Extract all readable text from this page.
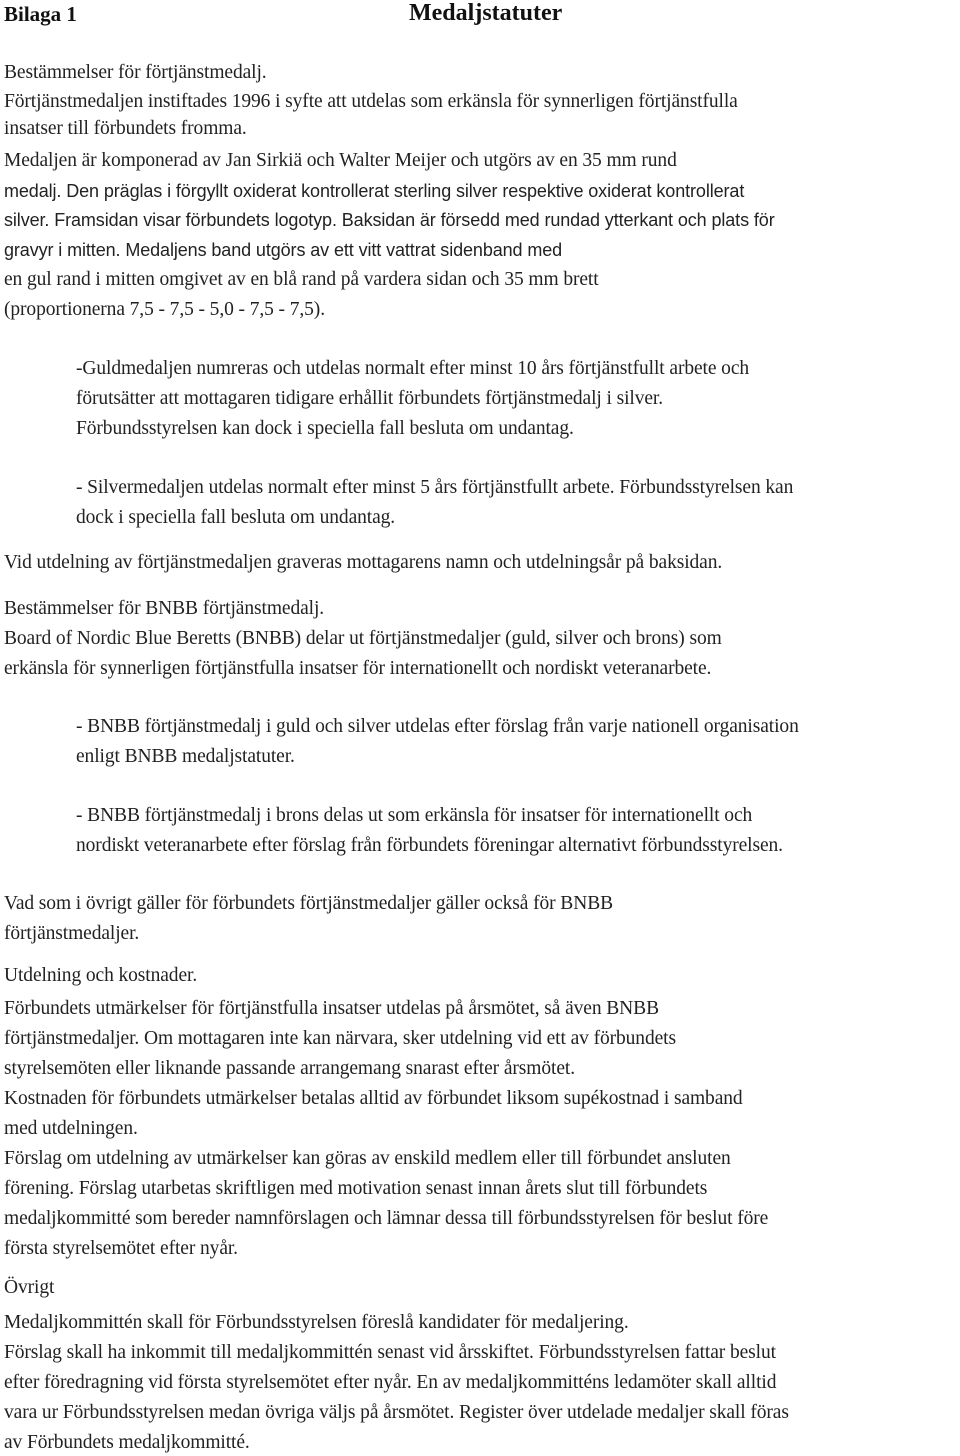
Bilaga 1	Medaljstatuter
Bestämmelser för förtjänstmedalj.
Förtjänstmedaljen instiftades 1996 i syfte att utdelas som erkänsla för synnerligen förtjänstfulla
insatser till förbundets fromma.
Medaljen är komponerad av Jan Sirkiä och Walter Meijer och utgörs av en 35 mm rund
medalj. Den präglas i förgyllt oxiderat kontrollerat sterling silver respektive oxiderat kontrollerat
silver. Framsidan visar förbundets logotyp. Baksidan är försedd med rundad ytterkant och plats för
gravyr i mitten. Medaljens band utgörs av ett vitt vattrat sidenband med
en gul rand i mitten omgivet av en blå rand på vardera sidan och 35 mm brett
(proportionerna 7,5 - 7,5 - 5,0 - 7,5 - 7,5).
-Guldmedaljen numreras och utdelas normalt efter minst 10 års förtjänstfullt arbete och
förutsätter att mottagaren tidigare erhållit förbundets förtjänstmedalj i silver.
Förbundsstyrelsen kan dock i speciella fall besluta om undantag.
- Silvermedaljen utdelas normalt efter minst 5 års förtjänstfullt arbete. Förbundsstyrelsen kan
dock i speciella fall besluta om undantag.
Vid utdelning av förtjänstmedaljen graveras mottagarens namn och utdelningsår på baksidan.
Bestämmelser för BNBB förtjänstmedalj.
Board of Nordic Blue Beretts (BNBB) delar ut förtjänstmedaljer (guld, silver och brons) som
erkänsla för synnerligen förtjänstfulla insatser för internationellt och nordiskt veteranarbete.
- BNBB förtjänstmedalj i guld och silver utdelas efter förslag från varje nationell organisation
enligt BNBB medaljstatuter.
- BNBB förtjänstmedalj i brons delas ut som erkänsla för insatser för internationellt och
nordiskt veteranarbete efter förslag från förbundets föreningar alternativt förbundsstyrelsen.
Vad som i övrigt gäller för förbundets förtjänstmedaljer gäller också för BNBB
förtjänstmedaljer.
Utdelning och kostnader.
Förbundets utmärkelser för förtjänstfulla insatser utdelas på årsmötet, så även BNBB
förtjänstmedaljer. Om mottagaren inte kan närvara, sker utdelning vid ett av förbundets
styrelsemöten eller liknande passande arrangemang snarast efter årsmötet.
Kostnaden för förbundets utmärkelser betalas alltid av förbundet liksom supékostnad i samband
med utdelningen.
Förslag om utdelning av utmärkelser kan göras av enskild medlem eller till förbundet ansluten
förening. Förslag utarbetas skriftligen med motivation senast innan årets slut till förbundets
medaljkommitté som bereder namnförslagen och lämnar dessa till förbundsstyrelsen för beslut före
första styrelsemötet efter nyår.
Övrigt
Medaljkommittén skall för Förbundsstyrelsen föreslå kandidater för medaljering.
Förslag skall ha inkommit till medaljkommittén senast vid årsskiftet. Förbundsstyrelsen fattar beslut
efter föredragning vid första styrelsemötet efter nyår. En av medaljkommitténs ledamöter skall alltid
vara ur Förbundsstyrelsen medan övriga väljs på årsmötet. Register över utdelade medaljer skall föras
av Förbundets medaljkommitté.
